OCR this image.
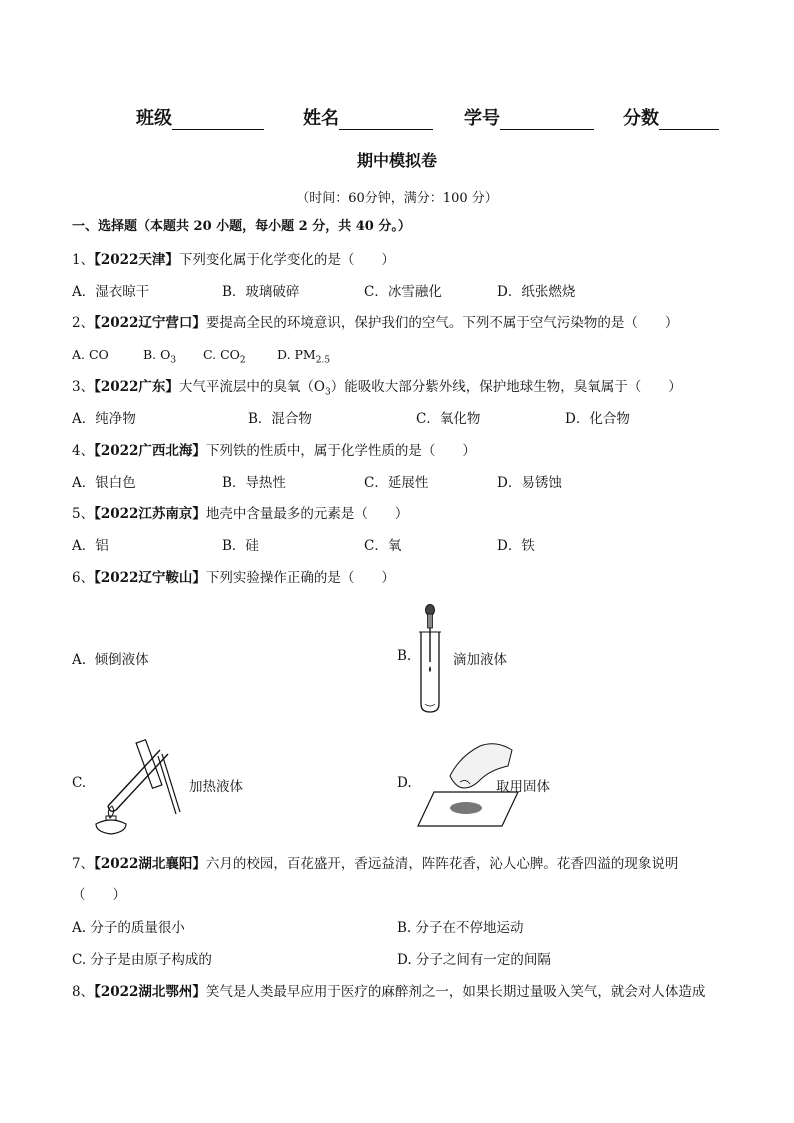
班级	姓名	学号	分数
期中模拟卷
（时间：60分钟，满分：100 分）
一、选择题（本题共 20 小题，每小题 2 分，共 40 分。）
1、【2022天津】下列变化属于化学变化的是（　　）
A．湿衣晾干	B．玻璃破碎	C．冰雪融化	D．纸张燃烧
2、【2022辽宁营口】要提高全民的环境意识，保护我们的空气。下列不属于空气污染物的是（　　）
A. CO	B. $O_3$ C. $CO_2$	D. $PM_{2.5}$
3、【2022广东】大气平流层中的臭氧$(O_3)$能吸收大部分紫外线，保护地球生物，臭氧属于（　　）
A．纯净物	B．混合物	C．氧化物	D．化合物
4、【2022广西北海】下列铁的性质中，属于化学性质的是（　　）
A．银白色	B．导热性	C．延展性	D．易锈蚀
5、【2022江苏南京】地壳中含量最多的元素是（　　）
A．铝	B．硅	C．氧	D．铁
6、【2022辽宁鞍山】下列实验操作正确的是（　　）
A. 倾倒液体	B.	滴加液体
C.	加热液体	D.	取用固体
7、【2022湖北襄阳】六月的校园，百花盛开，香远益清，阵阵花香，沁人心脾。花香四溢的现象说明
（　　）
A. 分子的质量很小	B. 分子在不停地运动
C. 分子是由原子构成的	D. 分子之间有一定的间隔
8、【2022湖北鄂州】笑气是人类最早应用于医疗的麻醉剂之一，如果长期过量吸入笑气，就会对人体造成
